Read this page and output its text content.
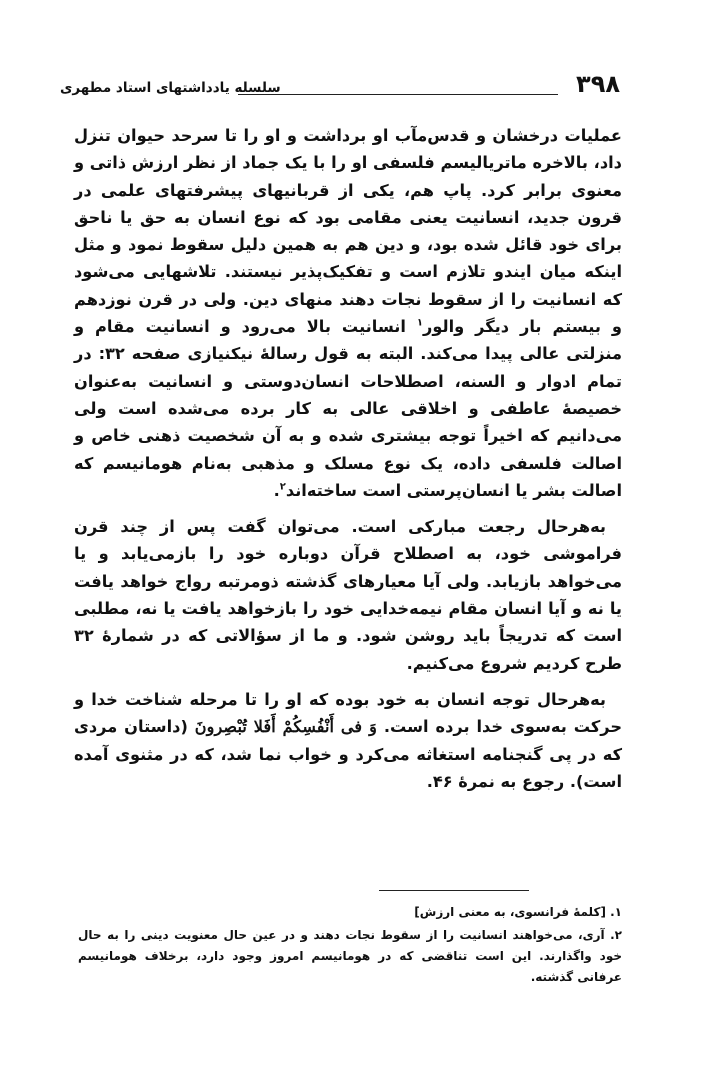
۳۹۸
سلسله یادداشتهای استاد مطهری

عملیات درخشان و قدس‌مآب او برداشت و او را تا سرحد حیوان تنزل داد، بالاخره ماتریالیسم فلسفی او را با یک جماد از نظر ارزش ذاتی و معنوی برابر کرد. پاپ هم، یکی از قربانیهای پیشرفتهای علمی در قرون جدید، انسانیت یعنی مقامی بود که نوع انسان به حق یا ناحق برای خود قائل شده بود، و دین هم به همین دلیل سقوط نمود و مثل اینکه میان ایندو تلازم است و تفکیک‌پذیر نیستند. تلاشهایی می‌شود که انسانیت را از سقوط نجات دهند منهای دین. ولی در قرن نوزدهم و بیستم بار دیگر والور$^۱$ انسانیت بالا می‌رود و انسانیت مقام و منزلتی عالی پیدا می‌کند. البته به قول رسالهٔ نیکنیازی صفحه ۳۲: در تمام ادوار و السنه، اصطلاحات انسان‌دوستی و انسانیت به‌عنوان خصیصهٔ عاطفی و اخلاقی عالی به کار برده می‌شده است ولی می‌دانیم که اخیراً توجه بیشتری شده و به آن شخصیت ذهنی خاص و اصالت فلسفی داده، یک نوع مسلک و مذهبی به‌نام هومانیسم که اصالت بشر یا انسان‌پرستی است ساخته‌اند$^۲$.

به‌هرحال رجعت مبارکی است. می‌توان گفت پس از چند قرن فراموشی خود، به اصطلاح قرآن دوباره خود را بازمی‌یابد و یا می‌خواهد بازیابد. ولی آیا معیارهای گذشته ذومرتبه رواج خواهد یافت یا نه و آیا انسان مقام نیمه‌خدایی خود را بازخواهد یافت یا نه، مطلبی است که تدریجاً باید روشن شود. و ما از سؤالاتی که در شمارهٔ ۳۲ طرح کردیم شروع می‌کنیم.

به‌هرحال توجه انسان به خود بوده که او را تا مرحله شناخت خدا و حرکت به‌سوی خدا برده است. وَ فی أَنْفُسِکُمْ أَفَلا تُبْصِرونَ (داستان مردی که در پی گنجنامه استغاثه می‌کرد و خواب نما شد، که در مثنوی آمده است). رجوع به نمرهٔ ۴۶.

۱. [کلمهٔ فرانسوی، به معنی ارزش]

۲. آری، می‌خواهند انسانیت را از سقوط نجات دهند و در عین حال معنویت دینی را به حال خود واگذارند. این است تناقضی که در هومانیسم امروز وجود دارد، برخلاف هومانیسم عرفانی گذشته.
